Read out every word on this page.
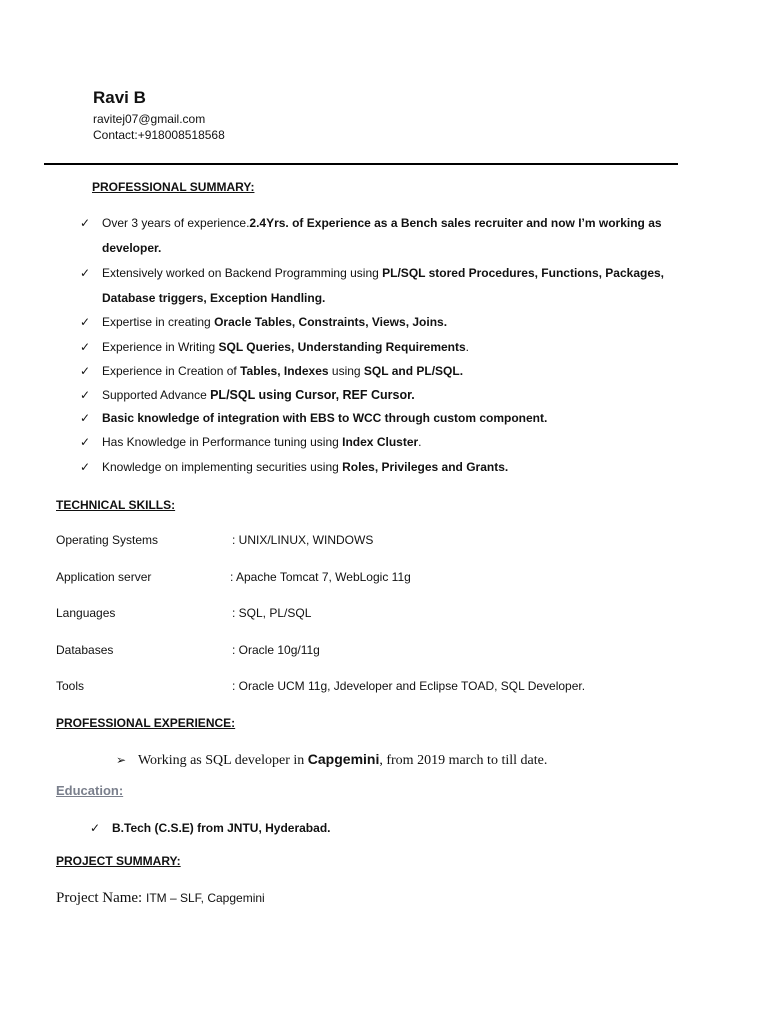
Ravi B
ravitej07@gmail.com
Contact:+918008518568
PROFESSIONAL SUMMARY:
✓ Over 3 years of experience.2.4Yrs. of Experience as a Bench sales recruiter and now I’m working as
developer.
✓ Extensively worked on Backend Programming using PL/SQL stored Procedures, Functions, Packages,
Database triggers, Exception Handling.
✓ Expertise in creating Oracle Tables, Constraints, Views, Joins.
✓ Experience in Writing SQL Queries, Understanding Requirements.
✓ Experience in Creation of Tables, Indexes using SQL and PL/SQL.
✓ Supported Advance PL/SQL using Cursor, REF Cursor.
✓ Basic knowledge of integration with EBS to WCC through custom component.
✓ Has Knowledge in Performance tuning using Index Cluster.
✓ Knowledge on implementing securities using Roles, Privileges and Grants.
TECHNICAL SKILLS:
Operating Systems	: UNIX/LINUX, WINDOWS
Application server	: Apache Tomcat 7, WebLogic 11g
Languages	: SQL, PL/SQL
Databases	: Oracle 10g/11g
Tools	: Oracle UCM 11g, Jdeveloper and Eclipse TOAD, SQL Developer.
PROFESSIONAL EXPERIENCE:
➢ Working as SQL developer in Capgemini, from 2019 march to till date.
Education:
✓ B.Tech (C.S.E) from JNTU, Hyderabad.
PROJECT SUMMARY:
Project Name: ITM – SLF, Capgemini
